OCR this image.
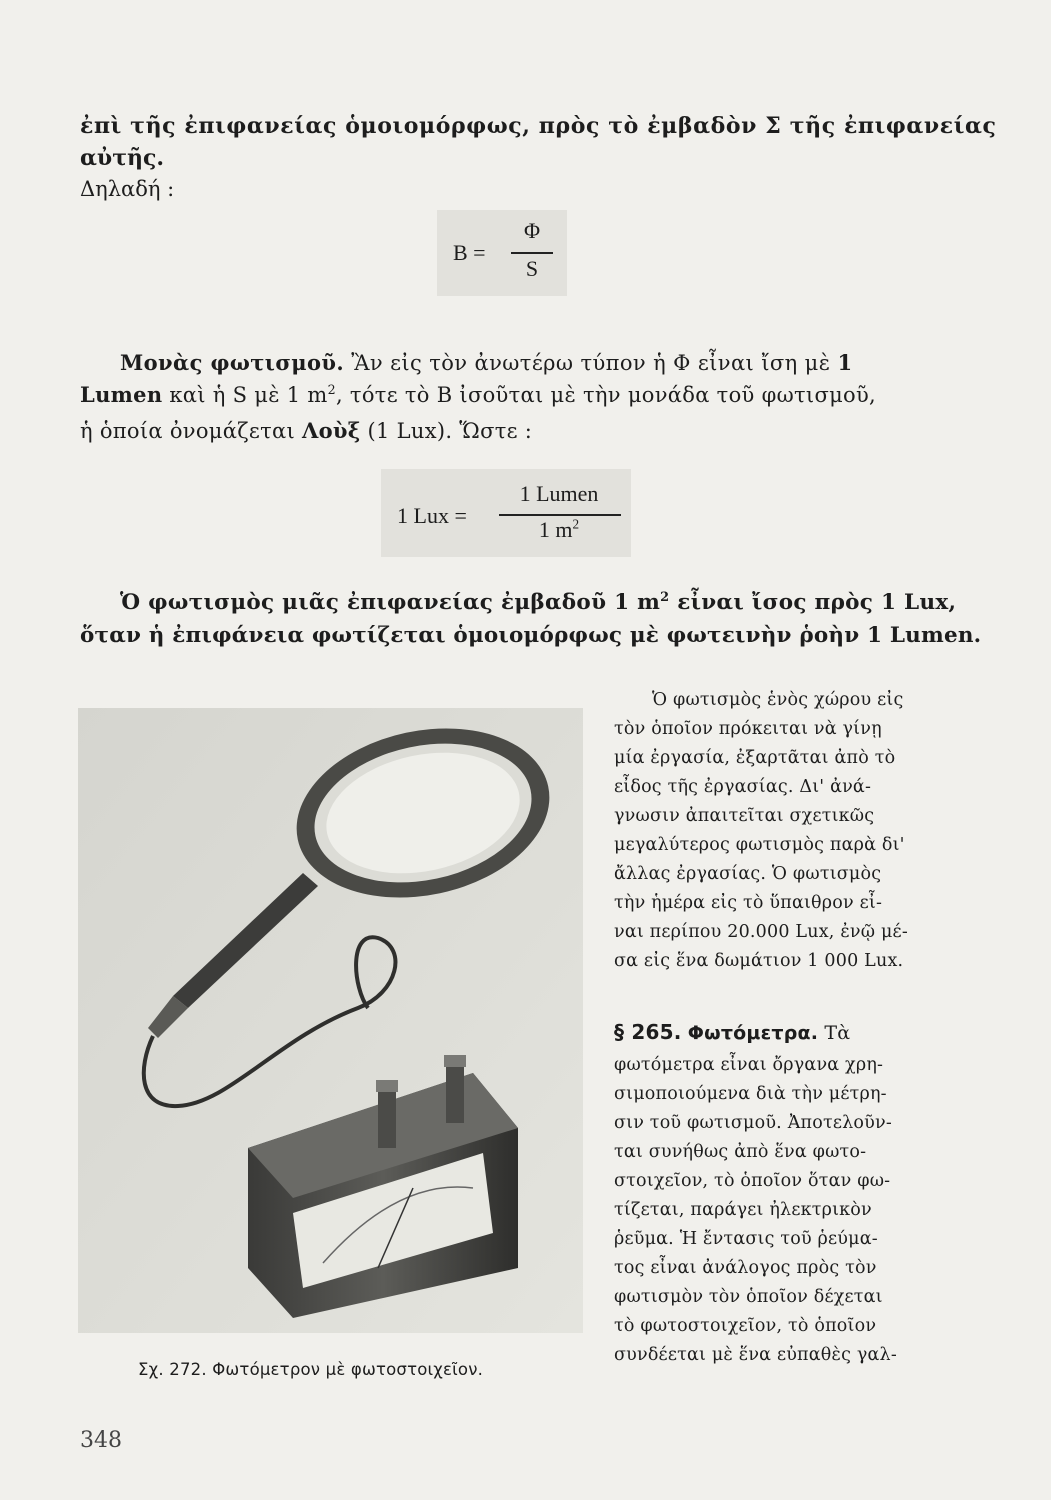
ἐπὶ τῆς ἐπιφανείας ὁμοιομόρφως, πρὸς τὸ ἐμβαδὸν Σ τῆς ἐπιφανείας
αὐτῆς.
Δηλαδή :
B =
Φ
S
Μονὰς φωτισμοῦ. Ἂν εἰς τὸν ἀνωτέρω τύπον ἡ Φ εἶναι ἴση μὲ 1
Lumen καὶ ἡ S μὲ 1 $m^2$, τότε τὸ B ἰσοῦται μὲ τὴν μονάδα τοῦ φωτισμοῦ,
ἡ ὁποία ὀνομάζεται Λοὺξ (1 Lux). Ὥστε :
1 Lux =
1 Lumen
1 $m^2$
Ὁ φωτισμὸς μιᾶς ἐπιφανείας ἐμβαδοῦ 1 $m^2$ εἶναι ἴσος πρὸς 1 Lux,
ὅταν ἡ ἐπιφάνεια φωτίζεται ὁμοιομόρφως μὲ φωτεινὴν ῥοὴν 1 Lumen.
Σχ. 272. Φωτόμετρον μὲ φωτοστοιχεῖον.
Ὁ φωτισμὸς ἑνὸς χώρου εἰς
τὸν ὁποῖον πρόκειται νὰ γίνῃ
μία ἐργασία, ἐξαρτᾶται ἀπὸ τὸ
εἶδος τῆς ἐργασίας. Δι' ἀνά-
γνωσιν ἀπαιτεῖται σχετικῶς
μεγαλύτερος φωτισμὸς παρὰ δι'
ἄλλας ἐργασίας. Ὁ φωτισμὸς
τὴν ἡμέρα εἰς τὸ ὕπαιθρον εἶ-
ναι περίπου 20.000 Lux, ἐνῷ μέ-
σα εἰς ἕνα δωμάτιον 1 000 Lux.
§ 265. Φωτόμετρα. Τὰ
φωτόμετρα εἶναι ὄργανα χρη-
σιμοποιούμενα διὰ τὴν μέτρη-
σιν τοῦ φωτισμοῦ. Ἀποτελοῦν-
ται συνήθως ἀπὸ ἕνα φωτο-
στοιχεῖον, τὸ ὁποῖον ὅταν φω-
τίζεται, παράγει ἠλεκτρικὸν
ῥεῦμα. Ἡ ἔντασις τοῦ ῥεύμα-
τος εἶναι ἀνάλογος πρὸς τὸν
φωτισμὸν τὸν ὁποῖον δέχεται
τὸ φωτοστοιχεῖον, τὸ ὁποῖον
συνδέεται μὲ ἕνα εὐπαθὲς γαλ-
348
